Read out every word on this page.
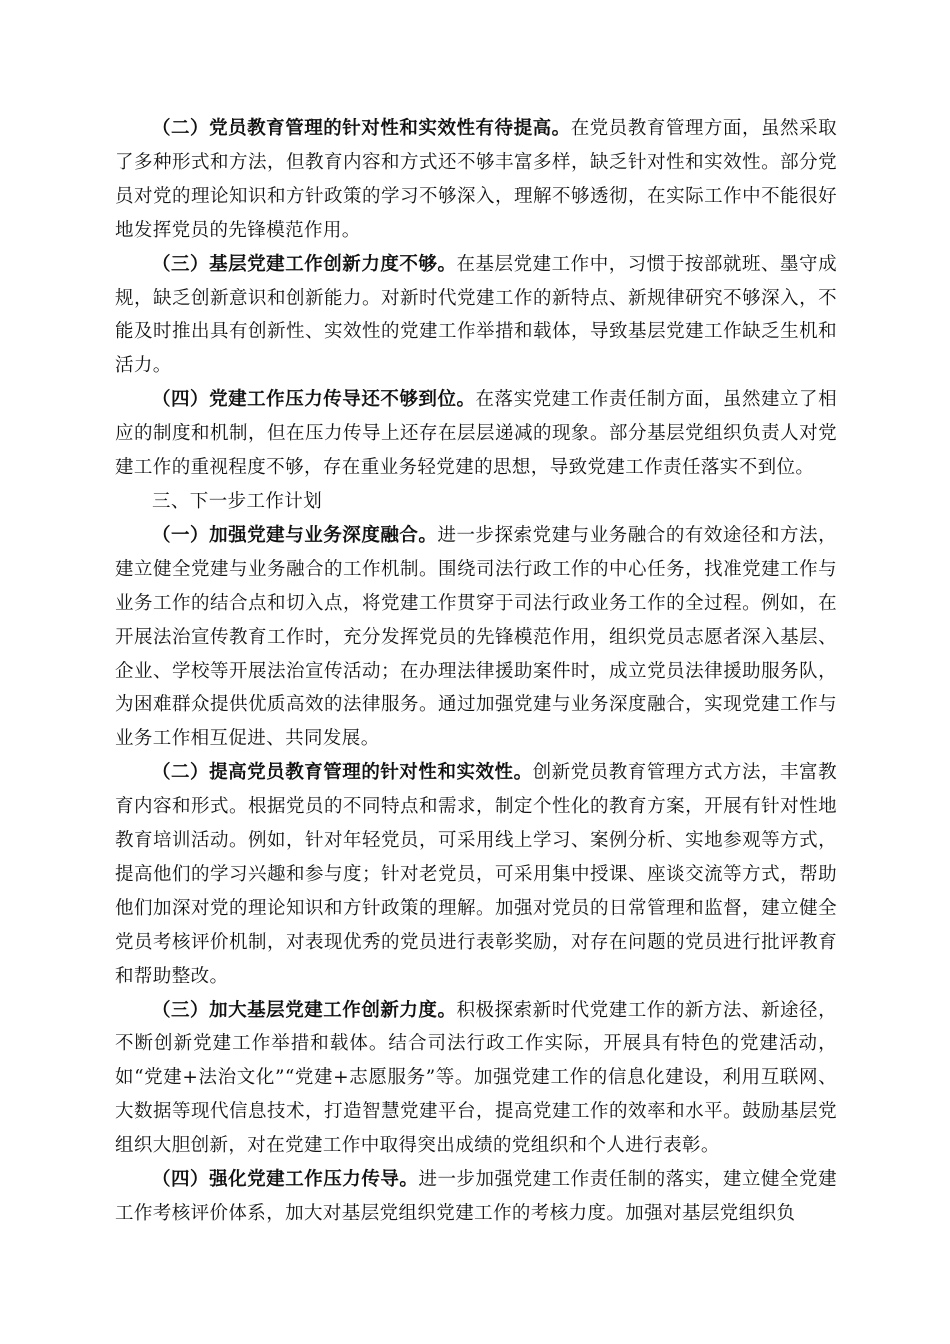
（二）党员教育管理的针对性和实效性有待提高。在党员教育管理方面，虽然采取了多种形式和方法，但教育内容和方式还不够丰富多样，缺乏针对性和实效性。部分党员对党的理论知识和方针政策的学习不够深入，理解不够透彻，在实际工作中不能很好地发挥党员的先锋模范作用。

（三）基层党建工作创新力度不够。在基层党建工作中，习惯于按部就班、墨守成规，缺乏创新意识和创新能力。对新时代党建工作的新特点、新规律研究不够深入，不能及时推出具有创新性、实效性的党建工作举措和载体，导致基层党建工作缺乏生机和活力。

（四）党建工作压力传导还不够到位。在落实党建工作责任制方面，虽然建立了相应的制度和机制，但在压力传导上还存在层层递减的现象。部分基层党组织负责人对党建工作的重视程度不够，存在重业务轻党建的思想，导致党建工作责任落实不到位。

三、下一步工作计划

（一）加强党建与业务深度融合。进一步探索党建与业务融合的有效途径和方法，建立健全党建与业务融合的工作机制。围绕司法行政工作的中心任务，找准党建工作与业务工作的结合点和切入点，将党建工作贯穿于司法行政业务工作的全过程。例如，在开展法治宣传教育工作时，充分发挥党员的先锋模范作用，组织党员志愿者深入基层、企业、学校等开展法治宣传活动；在办理法律援助案件时，成立党员法律援助服务队，为困难群众提供优质高效的法律服务。通过加强党建与业务深度融合，实现党建工作与业务工作相互促进、共同发展。

（二）提高党员教育管理的针对性和实效性。创新党员教育管理方式方法，丰富教育内容和形式。根据党员的不同特点和需求，制定个性化的教育方案，开展有针对性地教育培训活动。例如，针对年轻党员，可采用线上学习、案例分析、实地参观等方式，提高他们的学习兴趣和参与度；针对老党员，可采用集中授课、座谈交流等方式，帮助他们加深对党的理论知识和方针政策的理解。加强对党员的日常管理和监督，建立健全党员考核评价机制，对表现优秀的党员进行表彰奖励，对存在问题的党员进行批评教育和帮助整改。

（三）加大基层党建工作创新力度。积极探索新时代党建工作的新方法、新途径，不断创新党建工作举措和载体。结合司法行政工作实际，开展具有特色的党建活动，如“党建+法治文化”“党建+志愿服务”等。加强党建工作的信息化建设，利用互联网、大数据等现代信息技术，打造智慧党建平台，提高党建工作的效率和水平。鼓励基层党组织大胆创新，对在党建工作中取得突出成绩的党组织和个人进行表彰。

（四）强化党建工作压力传导。进一步加强党建工作责任制的落实，建立健全党建工作考核评价体系，加大对基层党组织党建工作的考核力度。加强对基层党组织负
